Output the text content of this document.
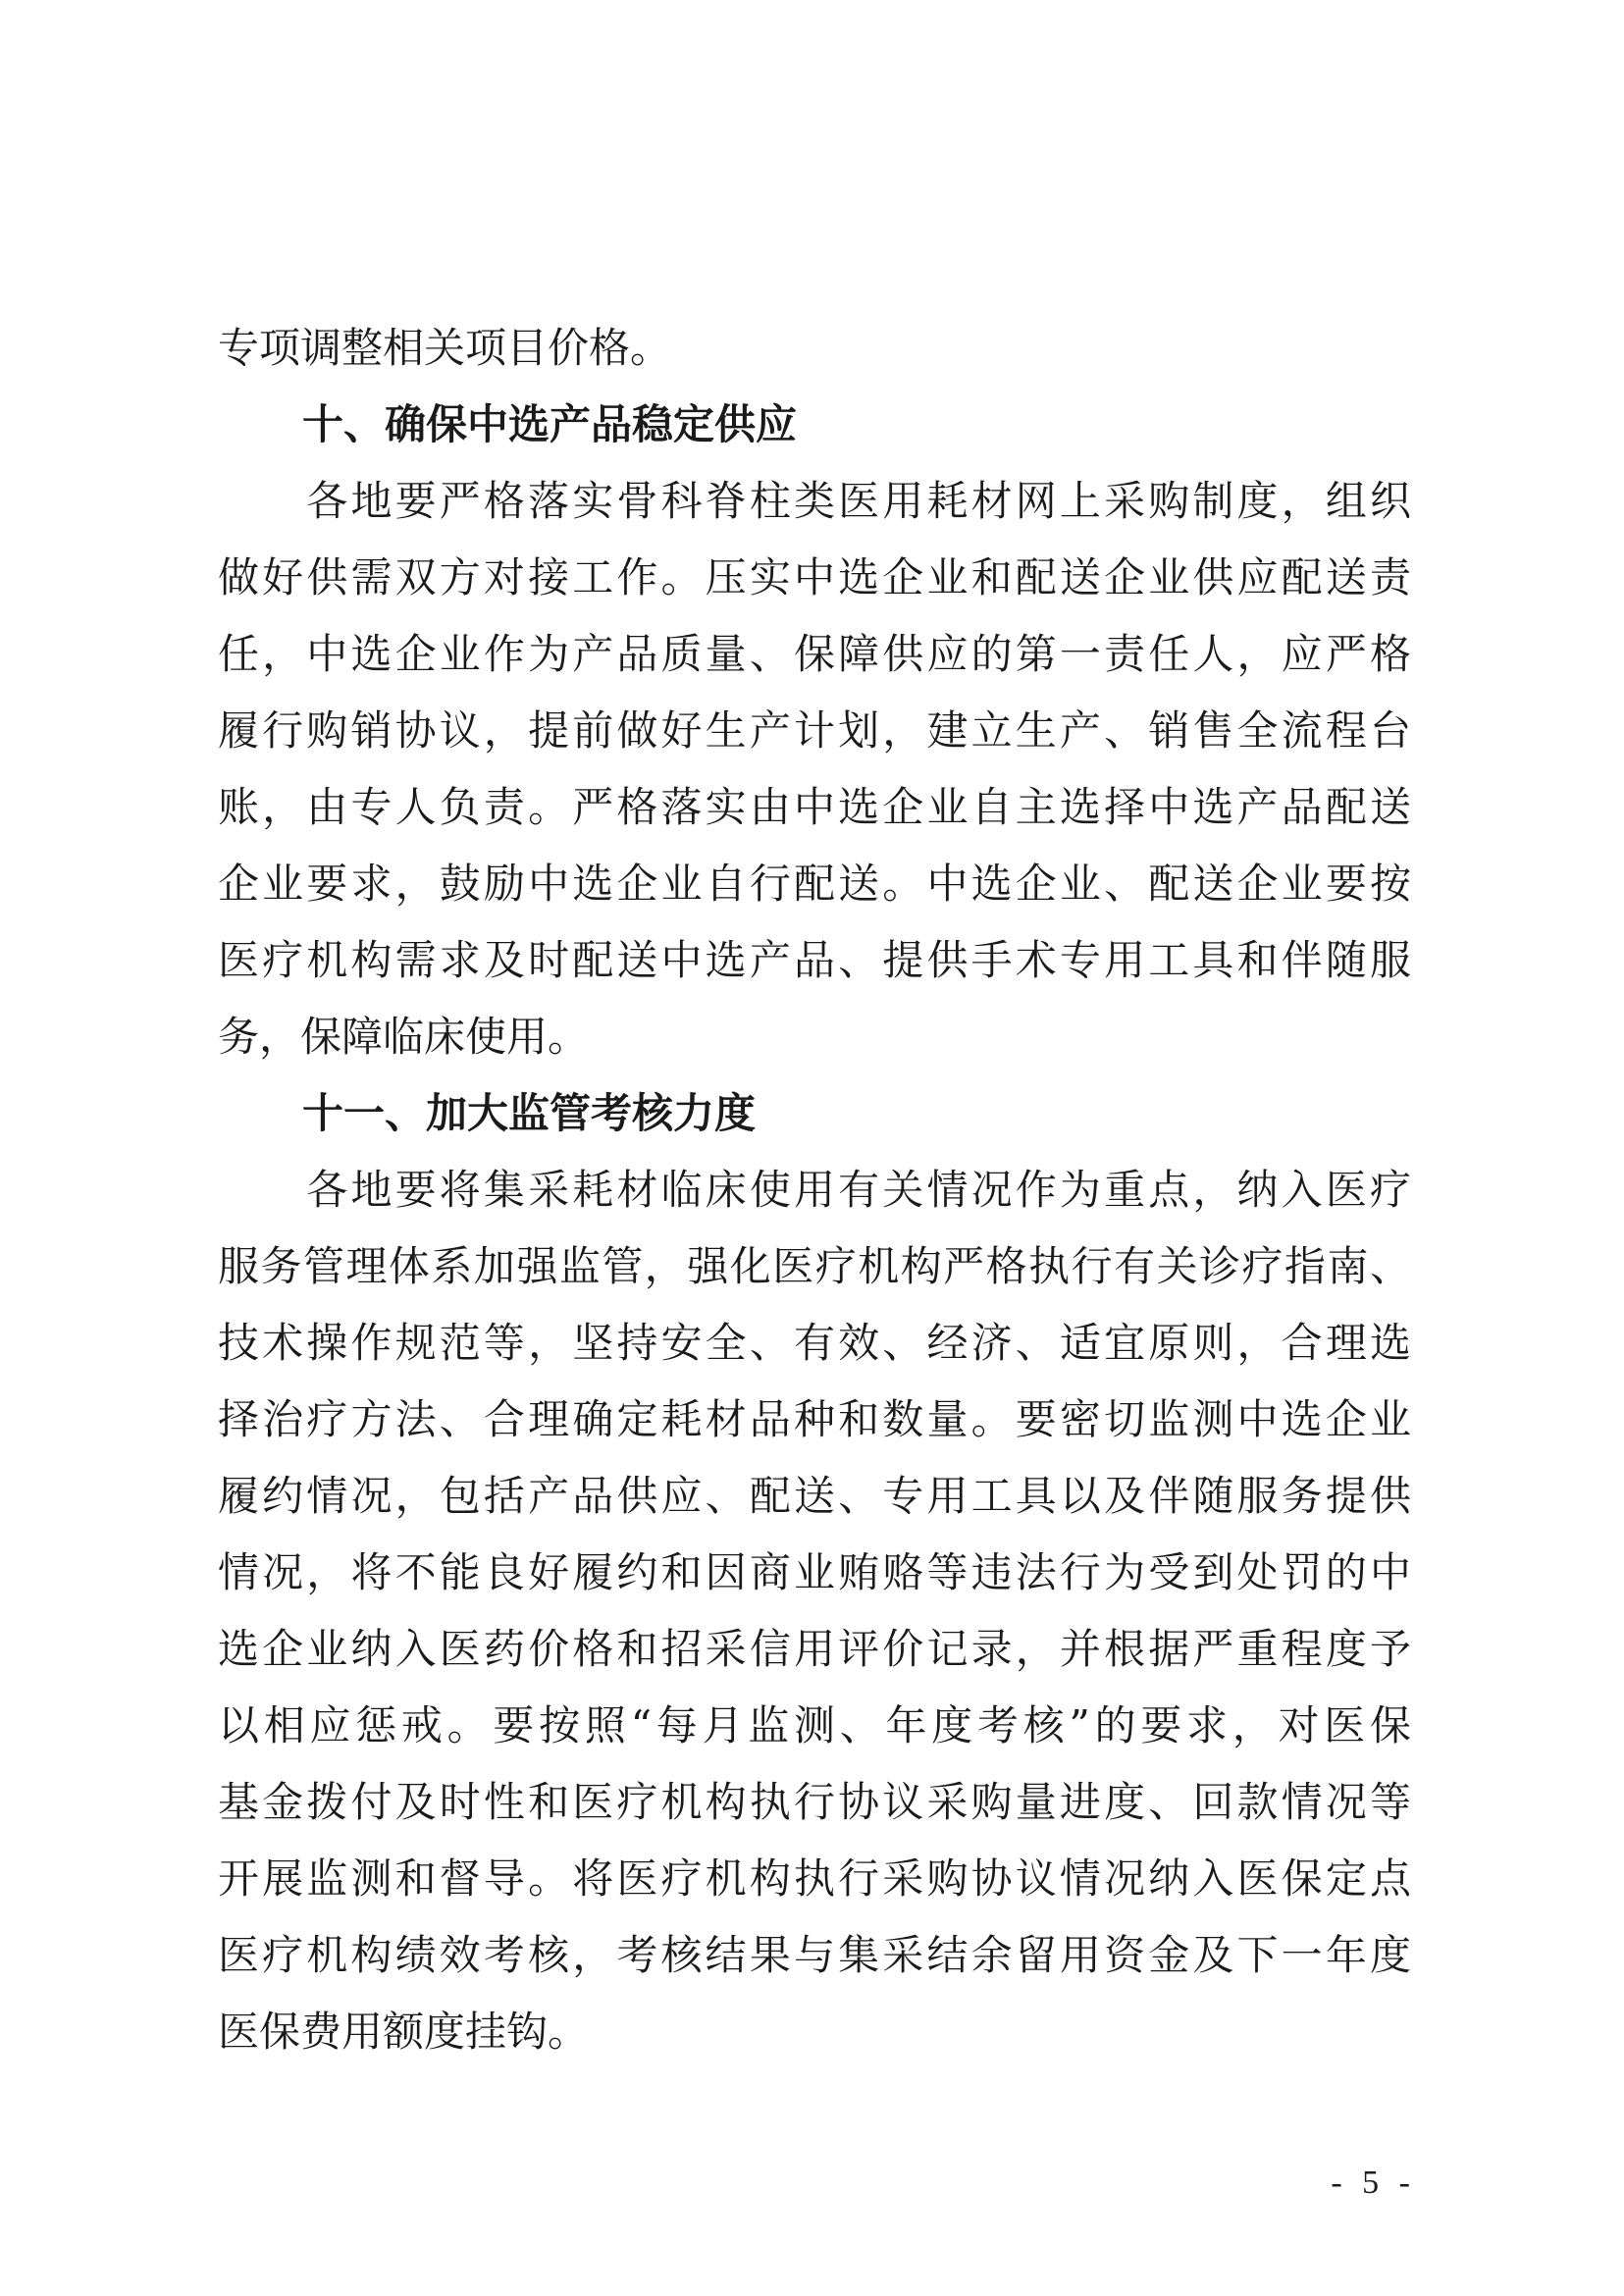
专项调整相关项目价格。
十、确保中选产品稳定供应
　　各地要严格落实骨科脊柱类医用耗材网上采购制度，组织
做好供需双方对接工作。压实中选企业和配送企业供应配送责
任，中选企业作为产品质量、保障供应的第一责任人，应严格
履行购销协议，提前做好生产计划，建立生产、销售全流程台
账，由专人负责。严格落实由中选企业自主选择中选产品配送
企业要求，鼓励中选企业自行配送。中选企业、配送企业要按
医疗机构需求及时配送中选产品、提供手术专用工具和伴随服
务，保障临床使用。
十一、加大监管考核力度
　　各地要将集采耗材临床使用有关情况作为重点，纳入医疗
服务管理体系加强监管，强化医疗机构严格执行有关诊疗指南、
技术操作规范等，坚持安全、有效、经济、适宜原则，合理选
择治疗方法、合理确定耗材品种和数量。要密切监测中选企业
履约情况，包括产品供应、配送、专用工具以及伴随服务提供
情况，将不能良好履约和因商业贿赂等违法行为受到处罚的中
选企业纳入医药价格和招采信用评价记录，并根据严重程度予
以相应惩戒。要按照“每月监测、年度考核”的要求，对医保
基金拨付及时性和医疗机构执行协议采购量进度、回款情况等
开展监测和督导。将医疗机构执行采购协议情况纳入医保定点
医疗机构绩效考核，考核结果与集采结余留用资金及下一年度
医保费用额度挂钩。
- 5 -
